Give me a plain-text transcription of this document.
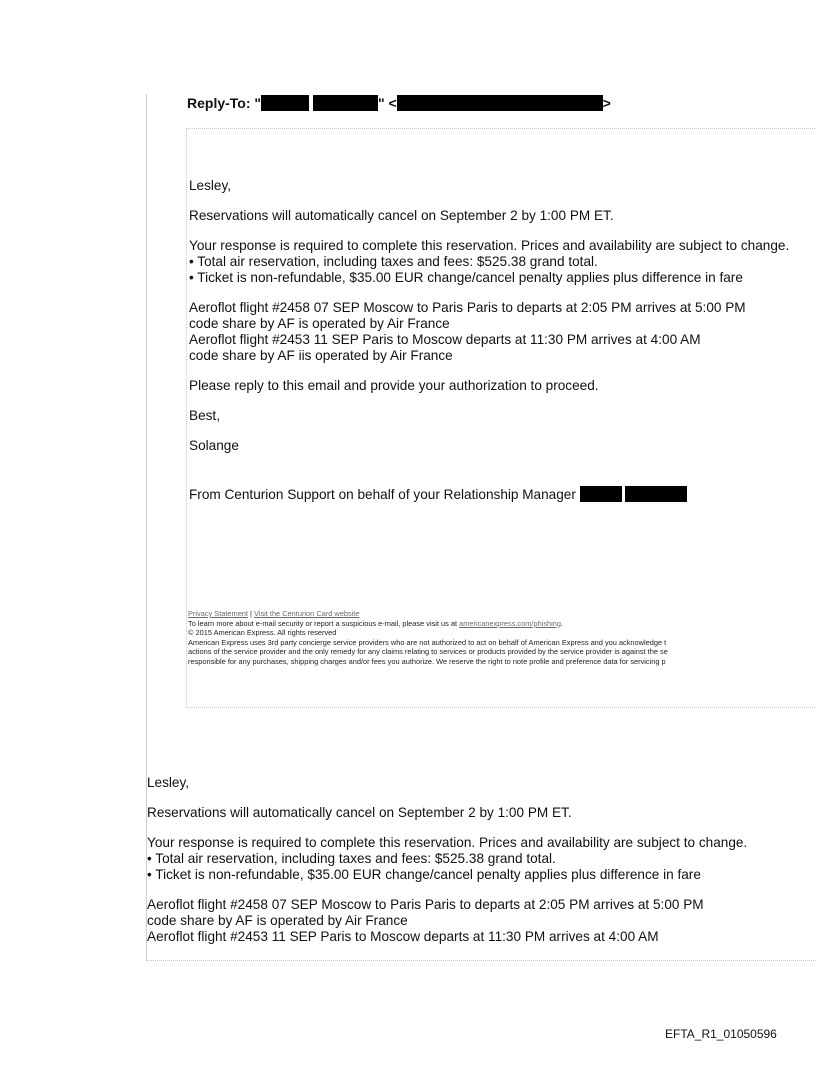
Reply-To: "	" <	>

Lesley,

Reservations will automatically cancel on September 2 by 1:00 PM ET.

Your response is required to complete this reservation. Prices and availability are subject to change.

• Total air reservation, including taxes and fees: $525.38 grand total.

• Ticket is non-refundable, $35.00 EUR change/cancel penalty applies plus difference in fare

Aeroflot flight #2458 07 SEP Moscow to Paris Paris to departs at 2:05 PM arrives at 5:00 PM

code share by AF is operated by Air France

Aeroflot flight #2453 11 SEP Paris to Moscow departs at 11:30 PM arrives at 4:00 AM

code share by AF iis operated by Air France

Please reply to this email and provide your authorization to proceed.

Best,

Solange

From Centurion Support on behalf of your Relationship Manager

Privacy Statement | Visit the Centurion Card website
To learn more about e-mail security or report a suspicious e-mail, please visit us at americanexpress.com/phishing.
© 2015 American Express. All rights reserved
American Express uses 3rd party concierge service providers who are not authorized to act on behalf of American Express and you acknowledge t
actions of the service provider and the only remedy for any claims relating to services or products provided by the service provider is against the se
responsible for any purchases, shipping charges and/or fees you authorize. We reserve the right to note profile and preference data for servicing p

Lesley,

Reservations will automatically cancel on September 2 by 1:00 PM ET.

Your response is required to complete this reservation. Prices and availability are subject to change.

• Total air reservation, including taxes and fees: $525.38 grand total.

• Ticket is non-refundable, $35.00 EUR change/cancel penalty applies plus difference in fare

Aeroflot flight #2458 07 SEP Moscow to Paris Paris to departs at 2:05 PM arrives at 5:00 PM

code share by AF is operated by Air France

Aeroflot flight #2453 11 SEP Paris to Moscow departs at 11:30 PM arrives at 4:00 AM

EFTA_R1_01050596
